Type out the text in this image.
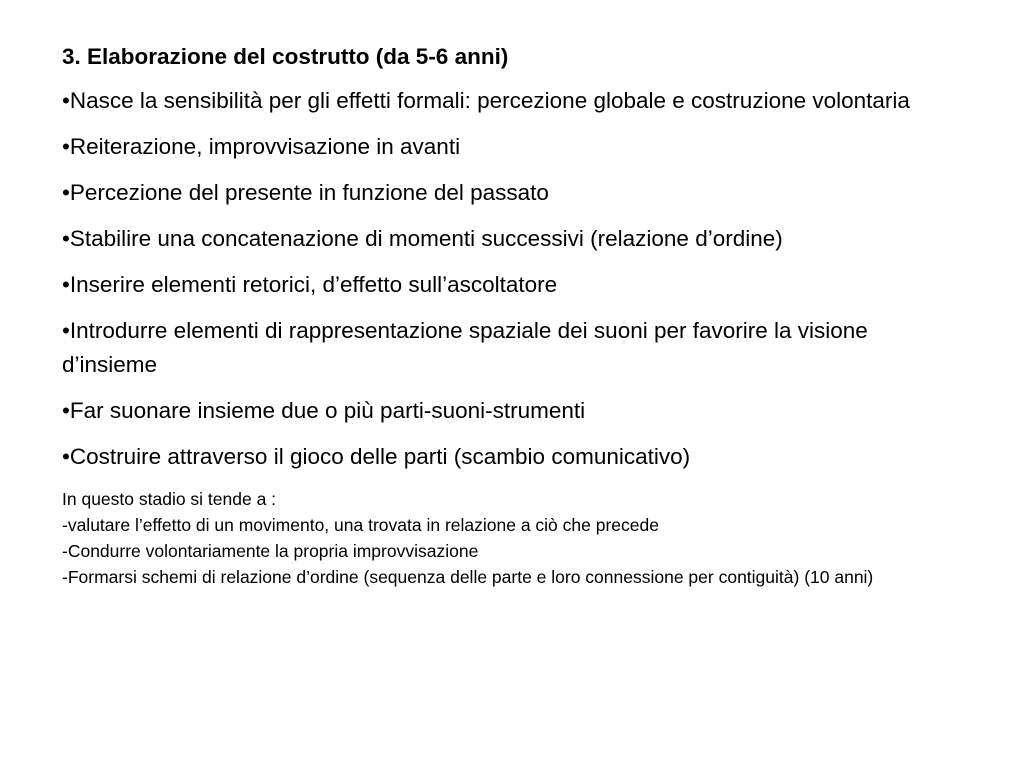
3. Elaborazione del costrutto (da 5-6 anni)
•Nasce la sensibilità per gli effetti formali: percezione globale e costruzione volontaria
•Reiterazione, improvvisazione in avanti
•Percezione del presente in funzione del passato
•Stabilire una concatenazione di momenti successivi (relazione d’ordine)
•Inserire elementi retorici, d’effetto sull’ascoltatore
•Introdurre elementi di rappresentazione spaziale dei suoni per favorire la visione d’insieme
•Far suonare insieme due o più parti-suoni-strumenti
•Costruire attraverso il gioco delle parti (scambio comunicativo)

In questo stadio si tende a :

-valutare l’effetto di un movimento, una trovata in relazione a ciò che precede

-Condurre volontariamente la propria improvvisazione

-Formarsi schemi di relazione d’ordine (sequenza delle parte e loro connessione per contiguità) (10 anni)
